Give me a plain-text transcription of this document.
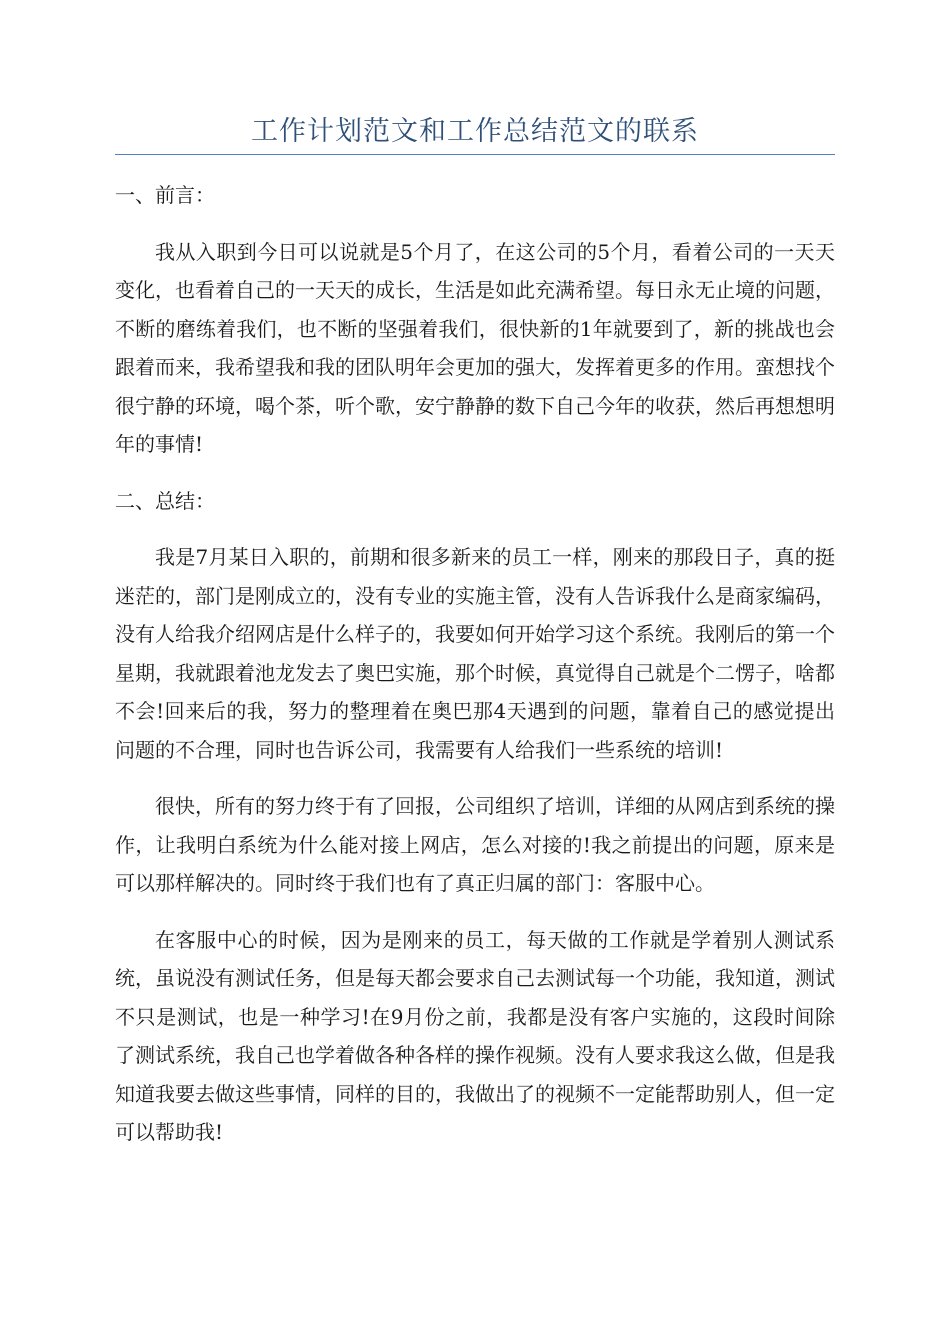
工作计划范文和工作总结范文的联系

一、前言：

我从入职到今日可以说就是5个月了，在这公司的5个月，看着公司的一天天变化，也看着自己的一天天的成长，生活是如此充满希望。每日永无止境的问题，不断的磨练着我们，也不断的坚强着我们，很快新的1年就要到了，新的挑战也会跟着而来，我希望我和我的团队明年会更加的强大，发挥着更多的作用。蛮想找个很宁静的环境，喝个茶，听个歌，安宁静静的数下自己今年的收获，然后再想想明年的事情!

二、总结：

我是7月某日入职的，前期和很多新来的员工一样，刚来的那段日子，真的挺迷茫的，部门是刚成立的，没有专业的实施主管，没有人告诉我什么是商家编码，没有人给我介绍网店是什么样子的，我要如何开始学习这个系统。我刚后的第一个星期，我就跟着池龙发去了奥巴实施，那个时候，真觉得自己就是个二愣子，啥都不会!回来后的我，努力的整理着在奥巴那4天遇到的问题，靠着自己的感觉提出问题的不合理，同时也告诉公司，我需要有人给我们一些系统的培训!

很快，所有的努力终于有了回报，公司组织了培训，详细的从网店到系统的操作，让我明白系统为什么能对接上网店，怎么对接的!我之前提出的问题，原来是可以那样解决的。同时终于我们也有了真正归属的部门：客服中心。

在客服中心的时候，因为是刚来的员工，每天做的工作就是学着别人测试系统，虽说没有测试任务，但是每天都会要求自己去测试每一个功能，我知道，测试不只是测试，也是一种学习!在9月份之前，我都是没有客户实施的，这段时间除了测试系统，我自己也学着做各种各样的操作视频。没有人要求我这么做，但是我知道我要去做这些事情，同样的目的，我做出了的视频不一定能帮助别人，但一定可以帮助我!
